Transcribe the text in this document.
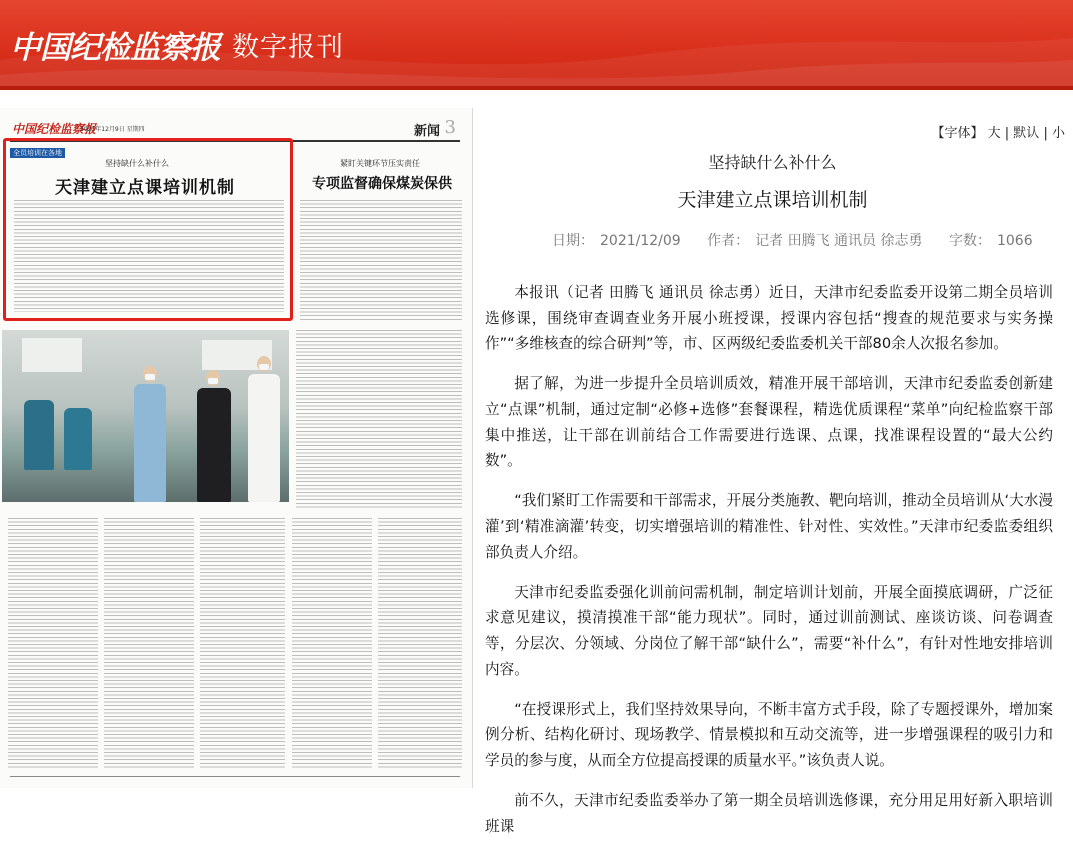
中国纪检监察报 数字报刊
中国纪检监察报
2021年12月9日 星期四	新闻 3
全员培训在各地
坚持缺什么补什么
天津建立点课培训机制
紧盯关键环节压实责任
专项监督确保煤炭保供
【字体】 大 | 默认 | 小
坚持缺什么补什么
天津建立点课培训机制
日期： 2021/12/09 作者： 记者 田腾飞 通讯员 徐志勇 字数： 1066

本报讯（记者 田腾飞 通讯员 徐志勇）近日，天津市纪委监委开设第二期全员培训选修课，围绕审查调查业务开展小班授课，授课内容包括“搜查的规范要求与实务操作”“多维核查的综合研判”等，市、区两级纪委监委机关干部80余人次报名参加。

据了解，为进一步提升全员培训质效，精准开展干部培训，天津市纪委监委创新建立“点课”机制，通过定制“必修+选修”套餐课程，精选优质课程“菜单”向纪检监察干部集中推送，让干部在训前结合工作需要进行选课、点课，找准课程设置的“最大公约数”。

“我们紧盯工作需要和干部需求，开展分类施教、靶向培训，推动全员培训从‘大水漫灌’到‘精准滴灌’转变，切实增强培训的精准性、针对性、实效性。”天津市纪委监委组织部负责人介绍。

天津市纪委监委强化训前问需机制，制定培训计划前，开展全面摸底调研，广泛征求意见建议，摸清摸准干部“能力现状”。同时，通过训前测试、座谈访谈、问卷调查等，分层次、分领域、分岗位了解干部“缺什么”，需要“补什么”，有针对性地安排培训内容。

“在授课形式上，我们坚持效果导向，不断丰富方式手段，除了专题授课外，增加案例分析、结构化研讨、现场教学、情景模拟和互动交流等，进一步增强课程的吸引力和学员的参与度，从而全方位提高授课的质量水平。”该负责人说。

前不久，天津市纪委监委举办了第一期全员培训选修课，充分用足用好新入职培训班课
